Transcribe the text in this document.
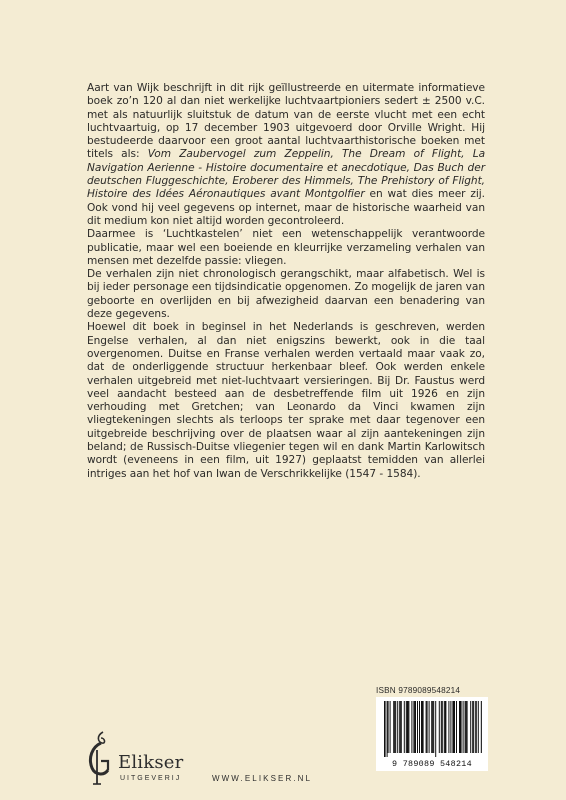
Aart van Wijk beschrijft in dit rijk geïllustreerde en uitermate informatieve boek zo’n 120 al dan niet werkelijke luchtvaartpioniers sedert ± 2500 v.C. met als natuurlijk sluitstuk de datum van de eerste vlucht met een echt luchtvaartuig, op 17 december 1903 uitgevoerd door Orville Wright. Hij bestudeerde daarvoor een groot aantal luchtvaarthistorische boeken met titels als: Vom Zaubervogel zum Zeppelin, The Dream of Flight, La Navigation Aerienne - Histoire documentaire et anecdotique, Das Buch der deutschen Fluggeschichte, Eroberer des Himmels, The Prehistory of Flight, Histoire des Idées Aéronautiques avant Montgolfier en wat dies meer zij. Ook vond hij veel gegevens op internet, maar de historische waarheid van dit medium kon niet altijd worden gecontroleerd.

Daarmee is ‘Luchtkastelen’ niet een wetenschappelijk verantwoorde publicatie, maar wel een boeiende en kleurrijke verzameling verhalen van mensen met dezelfde passie: vliegen.

De verhalen zijn niet chronologisch gerangschikt, maar alfabetisch. Wel is bij ieder personage een tijdsindicatie opgenomen. Zo mogelijk de jaren van geboorte en overlijden en bij afwezigheid daarvan een benadering van deze gegevens.

Hoewel dit boek in beginsel in het Nederlands is geschreven, werden Engelse verhalen, al dan niet enigszins bewerkt, ook in die taal overgenomen. Duitse en Franse verhalen werden vertaald maar vaak zo, dat de onderliggende structuur herkenbaar bleef. Ook werden enkele verhalen uitgebreid met niet-luchtvaart versieringen. Bij Dr. Faustus werd veel aandacht besteed aan de desbetreffende film uit 1926 en zijn verhouding met Gretchen; van Leonardo da Vinci kwamen zijn vliegtekeningen slechts als terloops ter sprake met daar tegenover een uitgebreide beschrijving over de plaatsen waar al zijn aantekeningen zijn beland; de Russisch-Duitse vliegenier tegen wil en dank Martin Karlowitsch wordt (eveneens in een film, uit 1927) geplaatst temidden van allerlei intriges aan het hof van Iwan de Verschrikkelijke (1547 - 1584).

ISBN 9789089548214
9 789089 548214
Elikser
UITGEVERIJ	WWW.ELIKSER.NL
